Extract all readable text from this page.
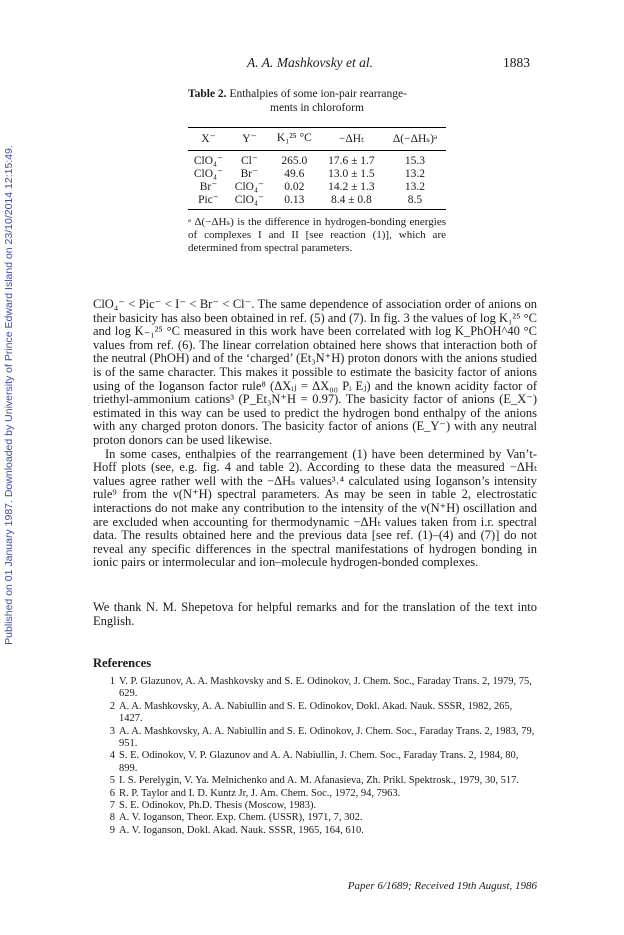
Published on 01 January 1987. Downloaded by University of Prince Edward Island on 23/10/2014 12:15:49.
A. A. Mashkovsky et al.	1883
Table 2. Enthalpies of some ion-pair rearrange-
ments in chloroform
X⁻	Y⁻	K₁²⁵ °C	−ΔHₜ	Δ(−ΔHₛ)ᵃ
ClO₄⁻	Cl⁻	265.0	17.6 ± 1.7	15.3
ClO₄⁻	Br⁻	49.6	13.0 ± 1.5	13.2
Br⁻	ClO₄⁻	0.02	14.2 ± 1.3	13.2
Pic⁻	ClO₄⁻	0.13	8.4 ± 0.8	8.5
ᵃ Δ(−ΔHₛ) is the difference in hydrogen-bonding energies of complexes I and II [see reaction (1)], which are determined from spectral parameters.

ClO₄⁻ < Pic⁻ < I⁻ < Br⁻ < Cl⁻. The same dependence of association order of anions on their basicity has also been obtained in ref. (5) and (7). In fig. 3 the values of log K₁²⁵ °C and log K₋₁²⁵ °C measured in this work have been correlated with log K_PhOH^40 °C values from ref. (6). The linear correlation obtained here shows that interaction both of the neutral (PhOH) and of the ‘charged’ (Et₃N⁺H) proton donors with the anions studied is of the same character. This makes it possible to estimate the basicity factor of anions using of the Ioganson factor rule⁸ (ΔXᵢⱼ = ΔX₀₀ Pᵢ Eⱼ) and the known acidity factor of triethyl-ammonium cations³ (P_Et₃N⁺H = 0.97). The basicity factor of anions (E_X⁻) estimated in this way can be used to predict the hydrogen bond enthalpy of the anions with any charged proton donors. The basicity factor of anions (E_Y⁻) with any neutral proton donors can be used likewise.

In some cases, enthalpies of the rearrangement (1) have been determined by Van’t-Hoff plots (see, e.g. fig. 4 and table 2). According to these data the measured −ΔHₜ values agree rather well with the −ΔHₛ values³˒⁴ calculated using Ioganson’s intensity rule⁹ from the ν(N⁺H) spectral parameters. As may be seen in table 2, electrostatic interactions do not make any contribution to the intensity of the ν(N⁺H) oscillation and are excluded when accounting for thermodynamic −ΔHₜ values taken from i.r. spectral data. The results obtained here and the previous data [see ref. (1)–(4) and (7)] do not reveal any specific differences in the spectral manifestations of hydrogen bonding in ionic pairs or intermolecular and ion–molecule hydrogen-bonded complexes.

We thank N. M. Shepetova for helpful remarks and for the translation of the text into English.
References
1 V. P. Glazunov, A. A. Mashkovsky and S. E. Odinokov, J. Chem. Soc., Faraday Trans. 2, 1979, 75, 629.
2 A. A. Mashkovsky, A. A. Nabiullin and S. E. Odinokov, Dokl. Akad. Nauk. SSSR, 1982, 265, 1427.
3 A. A. Mashkovsky, A. A. Nabiullin and S. E. Odinokov, J. Chem. Soc., Faraday Trans. 2, 1983, 79, 951.
4 S. E. Odinokov, V. P. Glazunov and A. A. Nabiullin, J. Chem. Soc., Faraday Trans. 2, 1984, 80, 899.
5 I. S. Perelygin, V. Ya. Melnichenko and A. M. Afanasieva, Zh. Prikl. Spektrosk., 1979, 30, 517.
6 R. P. Taylor and I. D. Kuntz Jr, J. Am. Chem. Soc., 1972, 94, 7963.
7 S. E. Odinokov, Ph.D. Thesis (Moscow, 1983).
8 A. V. Ioganson, Theor. Exp. Chem. (USSR), 1971, 7, 302.
9 A. V. Ioganson, Dokl. Akad. Nauk. SSSR, 1965, 164, 610.
Paper 6/1689; Received 19th August, 1986
